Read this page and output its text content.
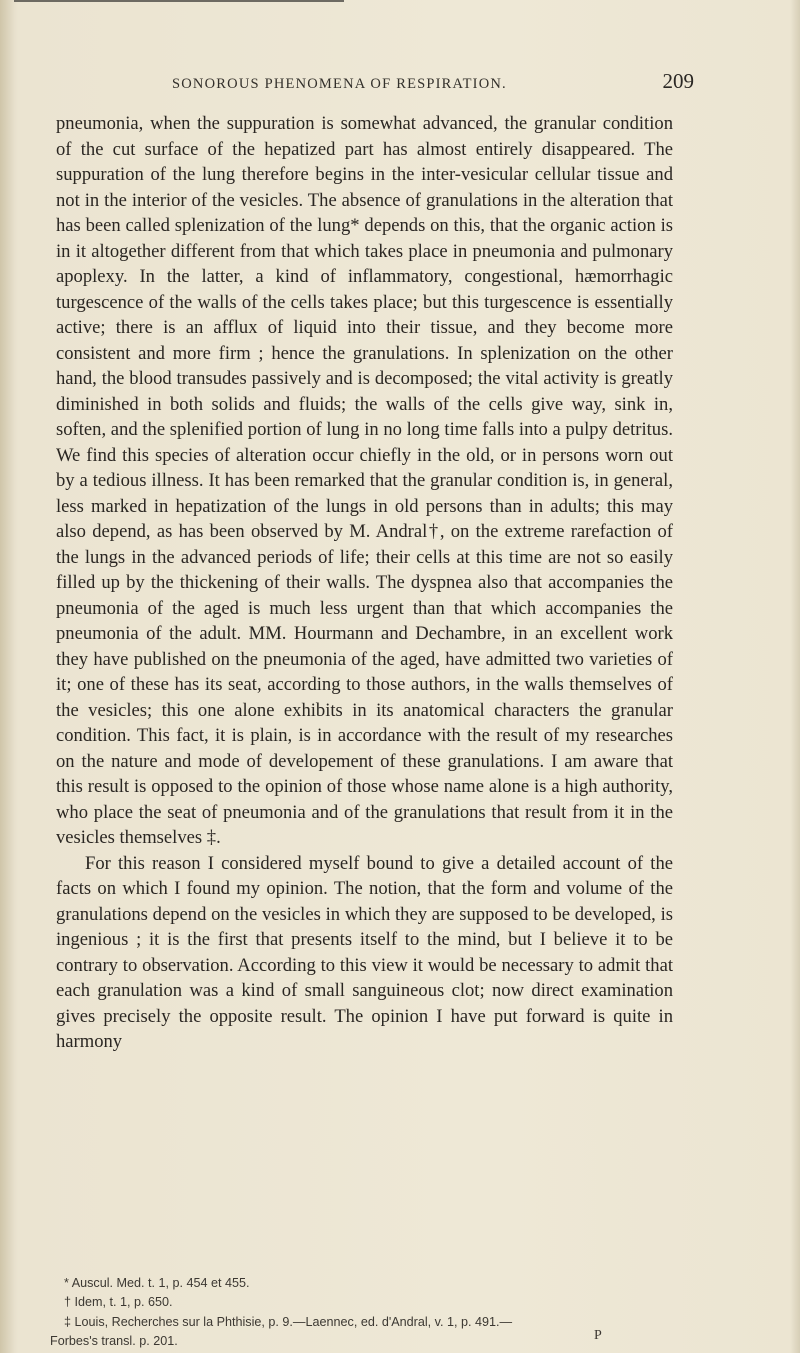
SONOROUS PHENOMENA OF RESPIRATION.	209

pneumonia, when the suppuration is somewhat advanced, the granular condition of the cut surface of the hepatized part has almost entirely disappeared. The suppuration of the lung therefore begins in the inter-vesicular cellular tissue and not in the interior of the vesicles. The absence of granulations in the alteration that has been called splenization of the lung* depends on this, that the organic action is in it altogether different from that which takes place in pneumonia and pulmonary apoplexy. In the latter, a kind of inflammatory, congestional, hæmorrhagic turgescence of the walls of the cells takes place; but this turgescence is essentially active; there is an afflux of liquid into their tissue, and they become more consistent and more firm ; hence the granulations. In splenization on the other hand, the blood transudes passively and is decomposed; the vital activity is greatly diminished in both solids and fluids; the walls of the cells give way, sink in, soften, and the splenified portion of lung in no long time falls into a pulpy detritus. We find this species of alteration occur chiefly in the old, or in persons worn out by a tedious illness. It has been remarked that the granular condition is, in general, less marked in hepatization of the lungs in old persons than in adults; this may also depend, as has been observed by M. Andral†, on the extreme rarefaction of the lungs in the advanced periods of life; their cells at this time are not so easily filled up by the thickening of their walls. The dyspnea also that accompanies the pneumonia of the aged is much less urgent than that which accompanies the pneumonia of the adult. MM. Hourmann and Dechambre, in an excellent work they have published on the pneumonia of the aged, have admitted two varieties of it; one of these has its seat, according to those authors, in the walls themselves of the vesicles; this one alone exhibits in its anatomical characters the granular condition. This fact, it is plain, is in accordance with the result of my researches on the nature and mode of developement of these granulations. I am aware that this result is opposed to the opinion of those whose name alone is a high authority, who place the seat of pneumonia and of the granulations that result from it in the vesicles themselves ‡.

For this reason I considered myself bound to give a detailed account of the facts on which I found my opinion. The notion, that the form and volume of the granulations depend on the vesicles in which they are supposed to be developed, is ingenious ; it is the first that presents itself to the mind, but I believe it to be contrary to observation. According to this view it would be necessary to admit that each granulation was a kind of small sanguineous clot; now direct examination gives precisely the opposite result. The opinion I have put forward is quite in harmony

* Auscul. Med. t. 1, p. 454 et 455.

† Idem, t. 1, p. 650.

‡ Louis, Recherches sur la Phthisie, p. 9.—Laennec, ed. d'Andral, v. 1, p. 491.—

Forbes's transl. p. 201.	P
